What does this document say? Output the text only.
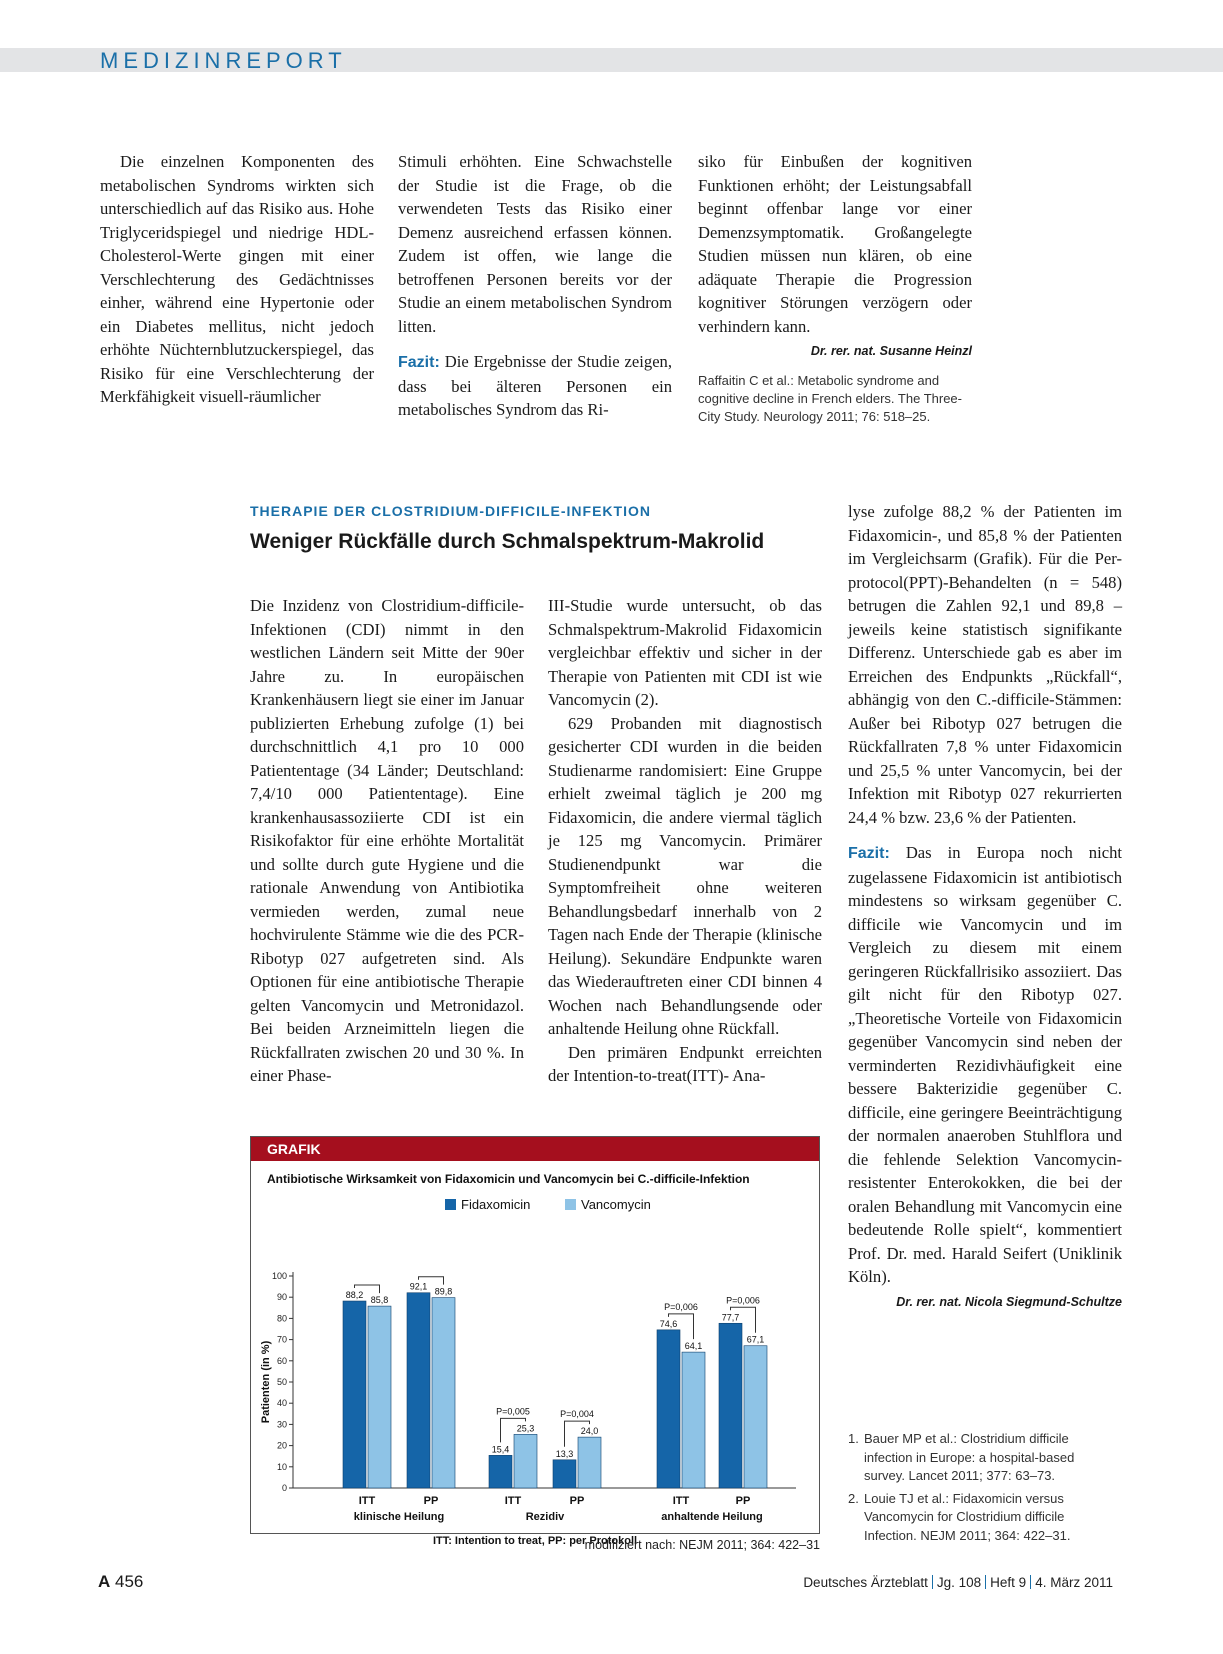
MEDIZINREPORT

Die einzelnen Komponenten des metabolischen Syndroms wirkten sich unterschiedlich auf das Risiko aus. Hohe Triglyceridspiegel und niedrige HDL-Cholesterol-Werte gingen mit einer Verschlechterung des Gedächtnisses einher, während eine Hypertonie oder ein Diabetes mellitus, nicht jedoch erhöhte Nüchternblutzuckerspiegel, das Risiko für eine Verschlechterung der Merkfähigkeit visuell-räumlicher

Stimuli erhöhten. Eine Schwachstelle der Studie ist die Frage, ob die verwendeten Tests das Risiko einer Demenz ausreichend erfassen können. Zudem ist offen, wie lange die betroffenen Personen bereits vor der Studie an einem metabolischen Syndrom litten.

Fazit: Die Ergebnisse der Studie zeigen, dass bei älteren Personen ein metabolisches Syndrom das Ri-

siko für Einbußen der kognitiven Funktionen erhöht; der Leistungsabfall beginnt offenbar lange vor einer Demenzsymptomatik. Großangelegte Studien müssen nun klären, ob eine adäquate Therapie die Progression kognitiver Störungen verzögern oder verhindern kann.

Dr. rer. nat. Susanne Heinzl

Raffaitin C et al.: Metabolic syndrome and cognitive decline in French elders. The Three-City Study. Neurology 2011; 76: 518–25.

THERAPIE DER CLOSTRIDIUM-DIFFICILE-INFEKTION
Weniger Rückfälle durch Schmalspektrum-Makrolid

Die Inzidenz von Clostridium-difficile-Infektionen (CDI) nimmt in den westlichen Ländern seit Mitte der 90er Jahre zu. In europäischen Krankenhäusern liegt sie einer im Januar publizierten Erhebung zufolge (1) bei durchschnittlich 4,1 pro 10 000 Patiententage (34 Länder; Deutschland: 7,4/10 000 Patiententage). Eine krankenhausassoziierte CDI ist ein Risikofaktor für eine erhöhte Mortalität und sollte durch gute Hygiene und die rationale Anwendung von Antibiotika vermieden werden, zumal neue hochvirulente Stämme wie die des PCR-Ribotyp 027 aufgetreten sind. Als Optionen für eine antibiotische Therapie gelten Vancomycin und Metronidazol. Bei beiden Arzneimitteln liegen die Rückfallraten zwischen 20 und 30 %. In einer Phase-

III-Studie wurde untersucht, ob das Schmalspektrum-Makrolid Fidaxomicin vergleichbar effektiv und sicher in der Therapie von Patienten mit CDI ist wie Vancomycin (2).

629 Probanden mit diagnostisch gesicherter CDI wurden in die beiden Studienarme randomisiert: Eine Gruppe erhielt zweimal täglich je 200 mg Fidaxomicin, die andere viermal täglich je 125 mg Vancomycin. Primärer Studienendpunkt war die Symptomfreiheit ohne weiteren Behandlungsbedarf innerhalb von 2 Tagen nach Ende der Therapie (klinische Heilung). Sekundäre Endpunkte waren das Wiederauftreten einer CDI binnen 4 Wochen nach Behandlungsende oder anhaltende Heilung ohne Rückfall.

Den primären Endpunkt erreichten der Intention-to-treat(ITT)- Ana-

lyse zufolge 88,2 % der Patienten im Fidaxomicin-, und 85,8 % der Patienten im Vergleichsarm (Grafik). Für die Per-protocol(PPT)-Behandelten (n = 548) betrugen die Zahlen 92,1 und 89,8 – jeweils keine statistisch signifikante Differenz. Unterschiede gab es aber im Erreichen des Endpunkts „Rückfall“, abhängig von den C.-difficile-Stämmen: Außer bei Ribotyp 027 betrugen die Rückfallraten 7,8 % unter Fidaxomicin und 25,5 % unter Vancomycin, bei der Infektion mit Ribotyp 027 rekurrierten 24,4 % bzw. 23,6 % der Patienten.

Fazit: Das in Europa noch nicht zugelassene Fidaxomicin ist antibiotisch mindestens so wirksam gegenüber C. difficile wie Vancomycin und im Vergleich zu diesem mit einem geringeren Rückfallrisiko assoziiert. Das gilt nicht für den Ribotyp 027. „Theoretische Vorteile von Fidaxomicin gegenüber Vancomycin sind neben der verminderten Rezidivhäufigkeit eine bessere Bakterizidie gegenüber C. difficile, eine geringere Beeinträchtigung der normalen anaeroben Stuhlflora und die fehlende Selektion Vancomycin-resistenter Enterokokken, die bei der oralen Behandlung mit Vancomycin eine bedeutende Rolle spielt“, kommentiert Prof. Dr. med. Harald Seifert (Uniklinik Köln).

Dr. rer. nat. Nicola Siegmund-Schultze

1. Bauer MP et al.: Clostridium difficile infection in Europe: a hospital-based survey. Lancet 2011; 377: 63–73.
2. Louie TJ et al.: Fidaxomicin versus Vancomycin for Clostridium difficile Infection. NEJM 2011; 364: 422–31.
GRAFIK
Antibiotische Wirksamkeit von Fidaxomicin und Vancomycin bei C.-difficile-Infektion
Fidaxomicin	Vancomycin
0
10
20
30
40
50
60
70
80
90
100
Patienten (in %)
88,2
85,8
ITT
92,1 89,8
PP
15,4
25,3
P=0,005
ITT
13,3
24,0
P=0,004
PP
74,6
64,1
P=0,006
ITT
77,7
67,1
P=0,006
PP
klinische Heilung	Rezidiv	anhaltende Heilung
ITT: Intention to treat, PP: per Protokoll
modifiziert nach: NEJM 2011; 364: 422–31
A 456	Deutsches Ärzteblatt Jg. 108 Heft 9 4. März 2011
